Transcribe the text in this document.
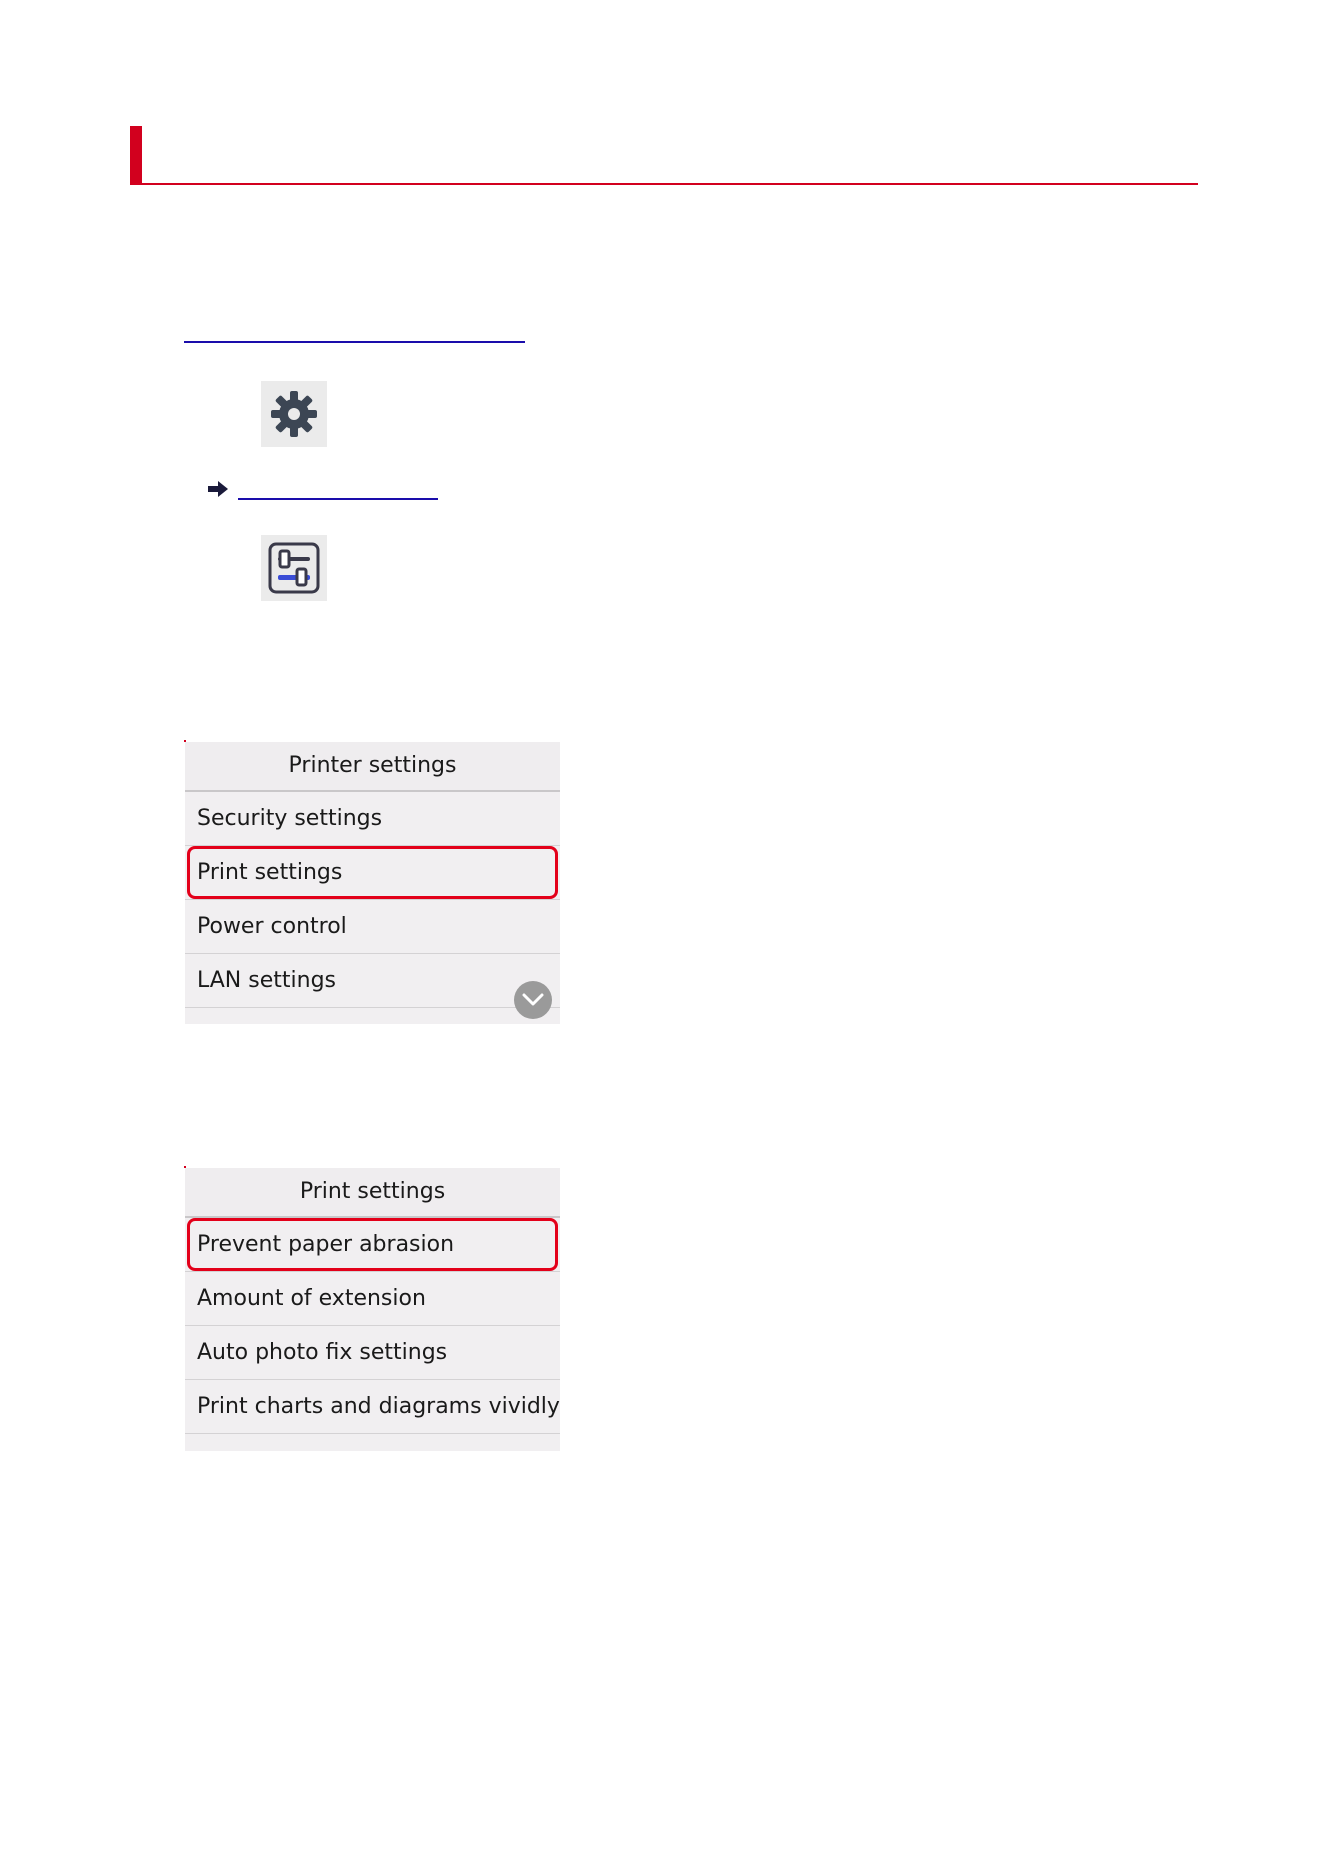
Printer settings
Security settings
Print settings
Power control
LAN settings
Print settings
Prevent paper abrasion
Amount of extension
Auto photo fix settings
Print charts and diagrams vividly
